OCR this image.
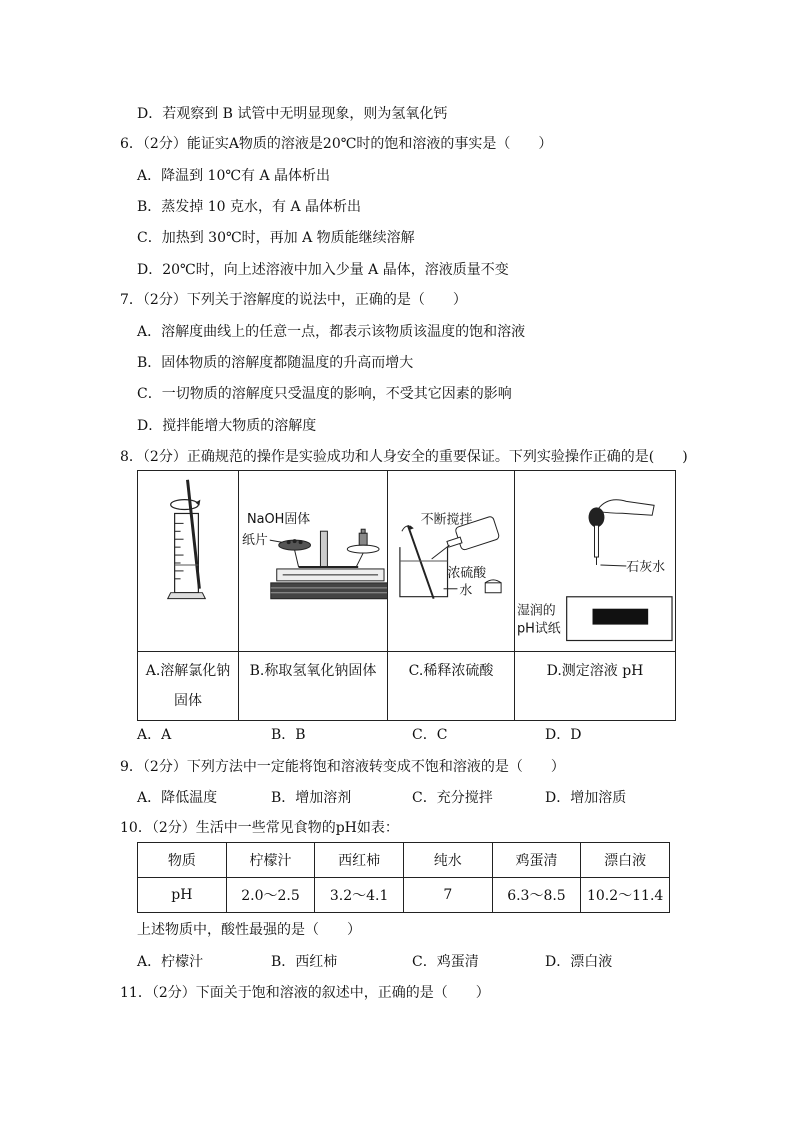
D．若观察到 B 试管中无明显现象，则为氢氧化钙
6．（2分）能证实A物质的溶液是20℃时的饱和溶液的事实是（　　）
A．降温到 10℃有 A 晶体析出
B．蒸发掉 10 克水，有 A 晶体析出
C．加热到 30℃时，再加 A 物质能继续溶解
D．20℃时，向上述溶液中加入少量 A 晶体，溶液质量不变
7．（2分）下列关于溶解度的说法中，正确的是（　　）
A．溶解度曲线上的任意一点，都表示该物质该温度的饱和溶液
B．固体物质的溶解度都随温度的升高而增大
C．一切物质的溶解度只受温度的影响，不受其它因素的影响
D．搅拌能增大物质的溶解度
8．（2分）正确规范的操作是实验成功和人身安全的重要保证。下列实验操作正确的是(　　)

NaOH固体
纸片	不断搅拌
浓硫酸
水	石灰水
湿润的
pH试纸

A.溶解氯化钠
固体	B.称取氢氧化钠固体	C.稀释浓硫酸	D.测定溶液 pH
A．A	B．B	C．C	D．D
9．（2分）下列方法中一定能将饱和溶液转变成不饱和溶液的是（　　）
A．降低温度	B．增加溶剂	C．充分搅拌	D．增加溶质
10．（2分）生活中一些常见食物的pH如表：
物质	柠檬汁	西红柿	纯水	鸡蛋清	漂白液
pH	2.0～2.5	3.2～4.1	7	6.3～8.5	10.2～11.4
上述物质中，酸性最强的是（　　）
A．柠檬汁	B．西红柿	C．鸡蛋清	D．漂白液
11．（2分）下面关于饱和溶液的叙述中，正确的是（　　）
